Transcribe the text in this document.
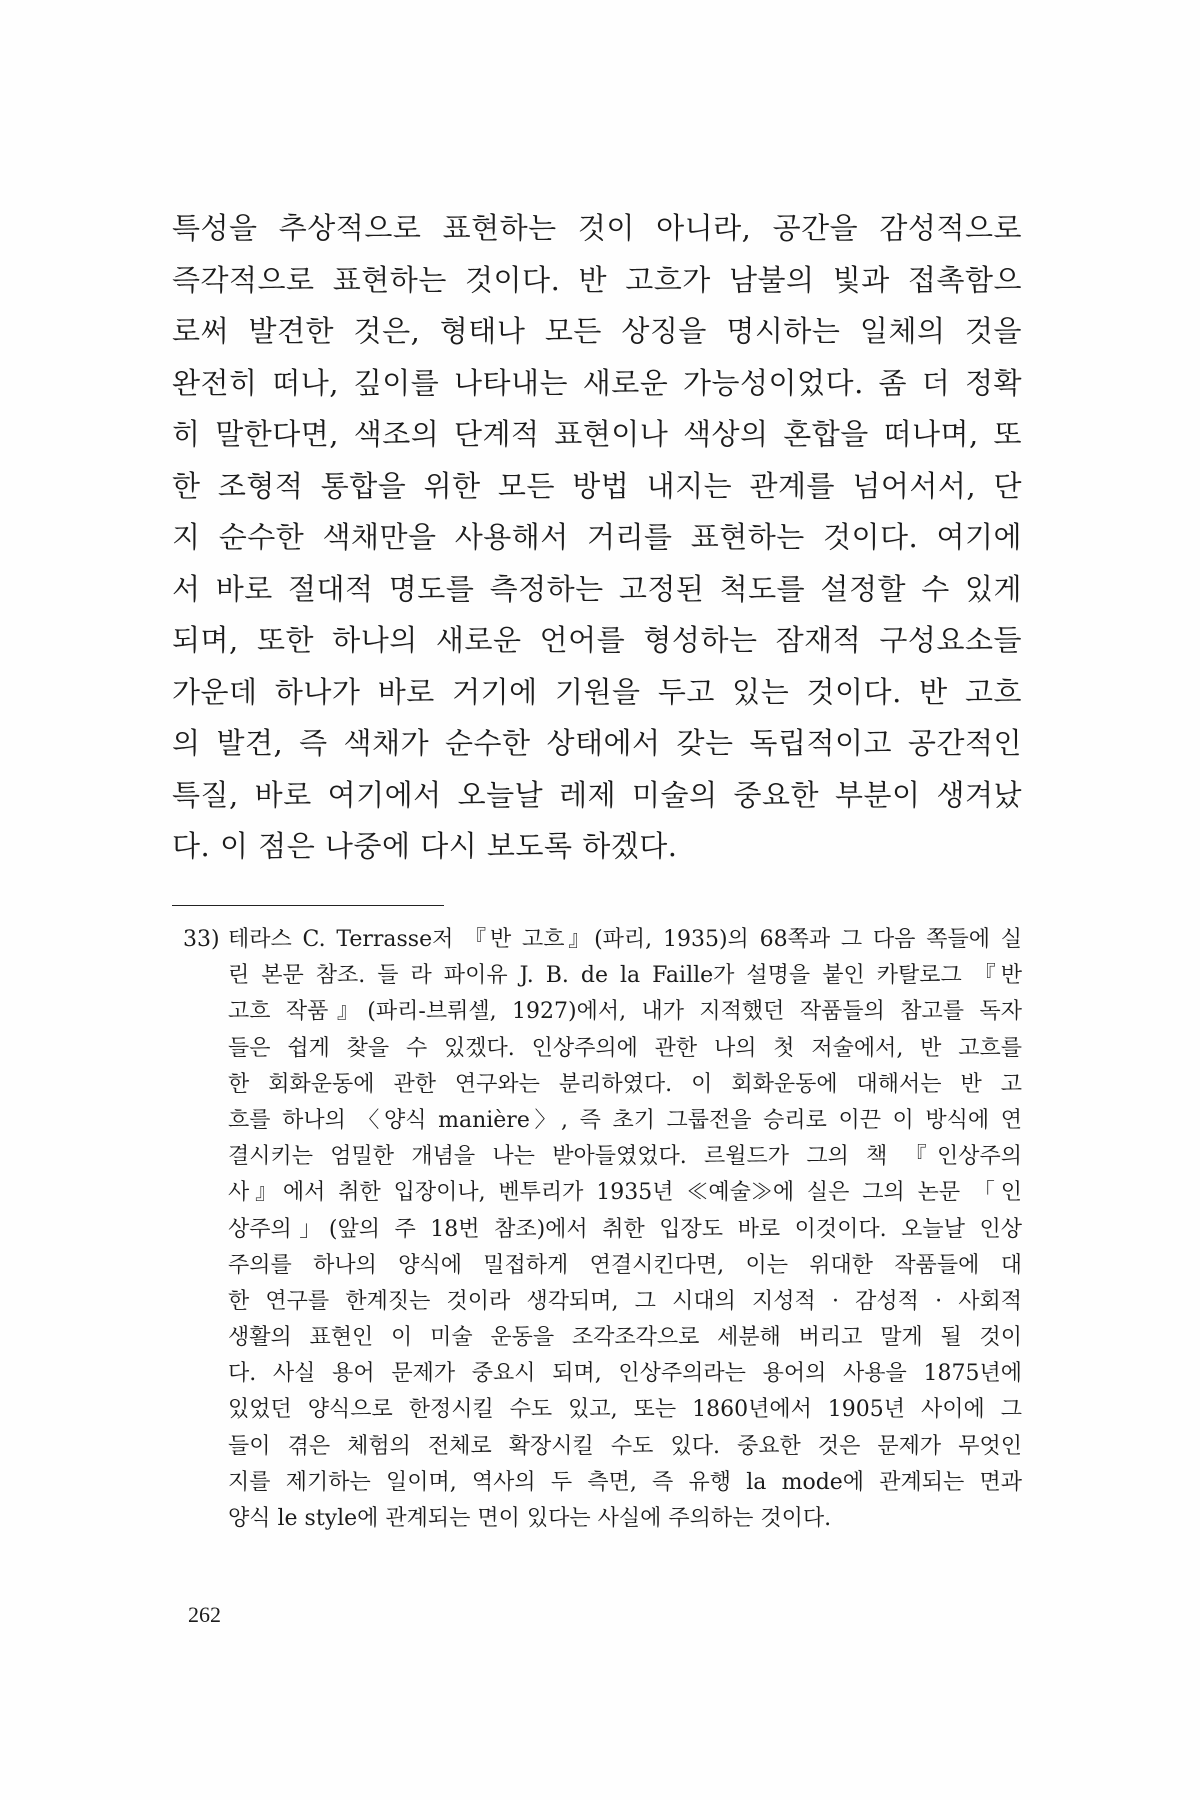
특성을 추상적으로 표현하는 것이 아니라, 공간을 감성적으로
즉각적으로 표현하는 것이다. 반 고흐가 남불의 빛과 접촉함으
로써 발견한 것은, 형태나 모든 상징을 명시하는 일체의 것을
완전히 떠나, 깊이를 나타내는 새로운 가능성이었다. 좀 더 정확
히 말한다면, 색조의 단계적 표현이나 색상의 혼합을 떠나며, 또
한 조형적 통합을 위한 모든 방법 내지는 관계를 넘어서서, 단
지 순수한 색채만을 사용해서 거리를 표현하는 것이다. 여기에
서 바로 절대적 명도를 측정하는 고정된 척도를 설정할 수 있게
되며, 또한 하나의 새로운 언어를 형성하는 잠재적 구성요소들
가운데 하나가 바로 거기에 기원을 두고 있는 것이다. 반 고흐
의 발견, 즉 색채가 순수한 상태에서 갖는 독립적이고 공간적인
특질, 바로 여기에서 오늘날 레제 미술의 중요한 부분이 생겨났
다. 이 점은 나중에 다시 보도록 하겠다.
33) 테라스 C. Terrasse저 『반 고흐』(파리, 1935)의 68쪽과 그 다음 쪽들에 실
린 본문 참조. 들 라 파이유 J. B. de la Faille가 설명을 붙인 카탈로그 『반
고흐 작품』(파리-브뤼셀, 1927)에서, 내가 지적했던 작품들의 참고를 독자
들은 쉽게 찾을 수 있겠다. 인상주의에 관한 나의 첫 저술에서, 반 고흐를
한 회화운동에 관한 연구와는 분리하였다. 이 회화운동에 대해서는 반 고
흐를 하나의 〈양식 manière〉, 즉 초기 그룹전을 승리로 이끈 이 방식에 연
결시키는 엄밀한 개념을 나는 받아들였었다. 르윌드가 그의 책 『인상주의
사』에서 취한 입장이나, 벤투리가 1935년 ≪예술≫에 실은 그의 논문 「인
상주의」(앞의 주 18번 참조)에서 취한 입장도 바로 이것이다. 오늘날 인상
주의를 하나의 양식에 밀접하게 연결시킨다면, 이는 위대한 작품들에 대
한 연구를 한계짓는 것이라 생각되며, 그 시대의 지성적 · 감성적 · 사회적
생활의 표현인 이 미술 운동을 조각조각으로 세분해 버리고 말게 될 것이
다. 사실 용어 문제가 중요시 되며, 인상주의라는 용어의 사용을 1875년에
있었던 양식으로 한정시킬 수도 있고, 또는 1860년에서 1905년 사이에 그
들이 겪은 체험의 전체로 확장시킬 수도 있다. 중요한 것은 문제가 무엇인
지를 제기하는 일이며, 역사의 두 측면, 즉 유행 la mode에 관계되는 면과
양식 le style에 관계되는 면이 있다는 사실에 주의하는 것이다.
262
